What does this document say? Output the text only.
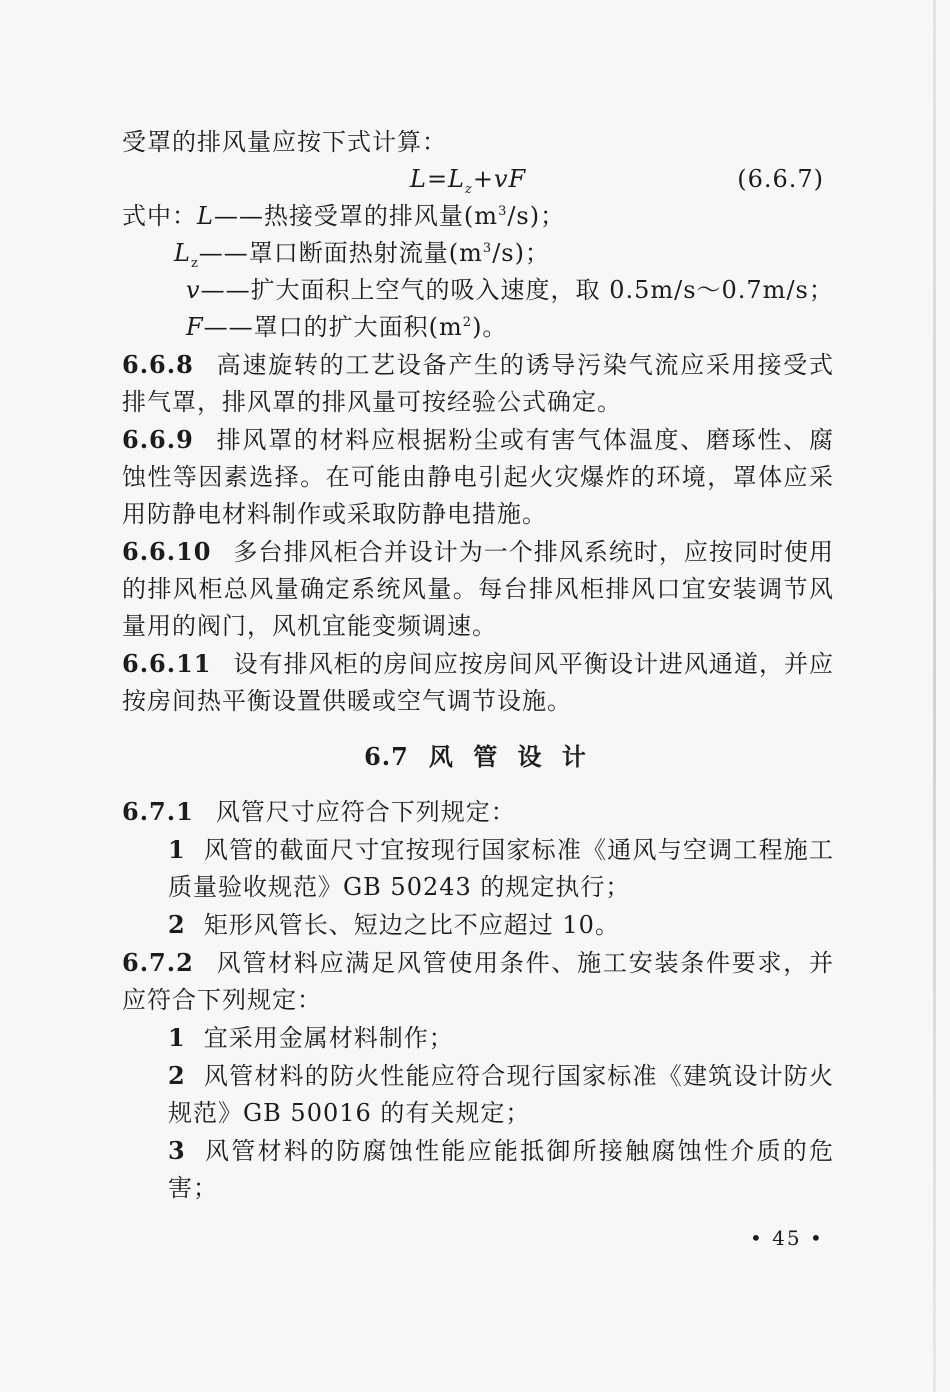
受罩的排风量应按下式计算：

$L=L_z+vF$	(6.6.7)

式中：L——热接受罩的排风量$(m^3/s)$；

$L_z——$罩口断面热射流量$(m^3/s)$；

v——扩大面积上空气的吸入速度，取 0.5m/s～0.7m/s；

F——罩口的扩大面积$(m^2)$。

6.6.8 高速旋转的工艺设备产生的诱导污染气流应采用接受式排气罩，排风罩的排风量可按经验公式确定。

6.6.9 排风罩的材料应根据粉尘或有害气体温度、磨琢性、腐蚀性等因素选择。在可能由静电引起火灾爆炸的环境，罩体应采用防静电材料制作或采取防静电措施。

6.6.10 多台排风柜合并设计为一个排风系统时，应按同时使用的排风柜总风量确定系统风量。每台排风柜排风口宜安装调节风量用的阀门，风机宜能变频调速。

6.6.11 设有排风柜的房间应按房间风平衡设计进风通道，并应按房间热平衡设置供暖或空气调节设施。

6.7 风 管 设 计

6.7.1 风管尺寸应符合下列规定：

1 风管的截面尺寸宜按现行国家标准《通风与空调工程施工质量验收规范》GB 50243 的规定执行；

2 矩形风管长、短边之比不应超过 10。

6.7.2 风管材料应满足风管使用条件、施工安装条件要求，并应符合下列规定：

1 宜采用金属材料制作；

2 风管材料的防火性能应符合现行国家标准《建筑设计防火规范》GB 50016 的有关规定；

3 风管材料的防腐蚀性能应能抵御所接触腐蚀性介质的危害；

• 45 •
